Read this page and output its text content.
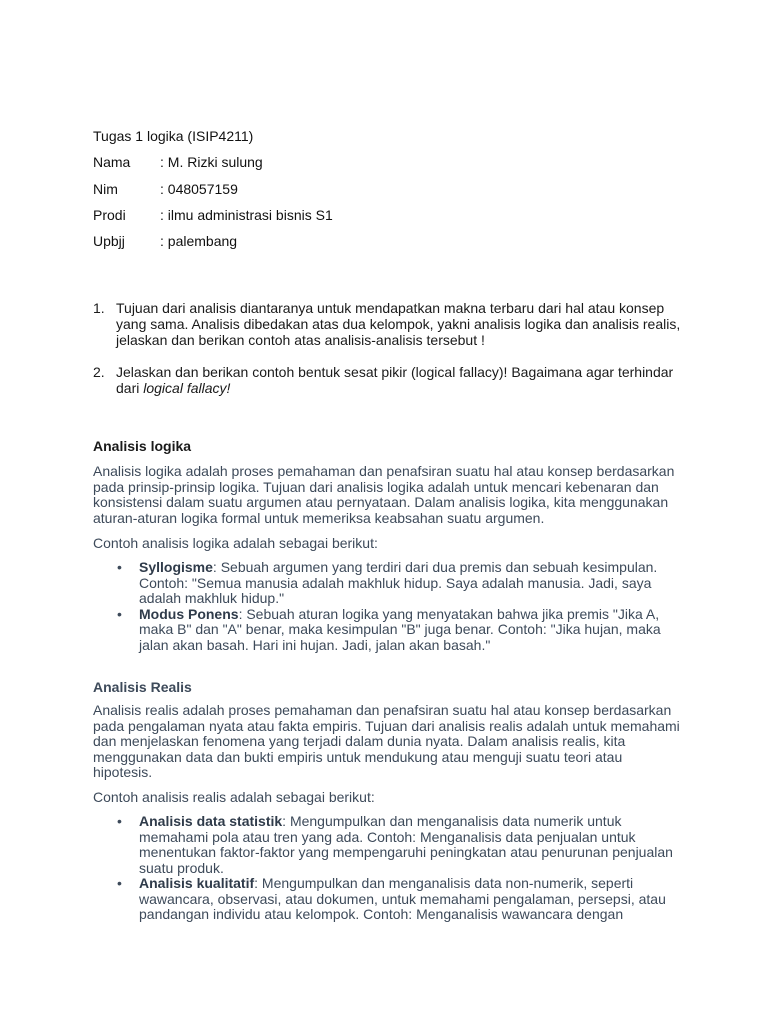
Tugas 1 logika (ISIP4211)
Nama : M. Rizki sulung
Nim	: 048057159
Prodi : ilmu administrasi bisnis S1
Upbjj	: palembang
1. Tujuan dari analisis diantaranya untuk mendapatkan makna terbaru dari hal atau konsep yang sama. Analisis dibedakan atas dua kelompok, yakni analisis logika dan analisis realis, jelaskan dan berikan contoh atas analisis-analisis tersebut !
2. Jelaskan dan berikan contoh bentuk sesat pikir (logical fallacy)! Bagaimana agar terhindar dari logical fallacy!
Analisis logika
Analisis logika adalah proses pemahaman dan penafsiran suatu hal atau konsep berdasarkan pada prinsip-prinsip logika. Tujuan dari analisis logika adalah untuk mencari kebenaran dan konsistensi dalam suatu argumen atau pernyataan. Dalam analisis logika, kita menggunakan aturan-aturan logika formal untuk memeriksa keabsahan suatu argumen.
Contoh analisis logika adalah sebagai berikut:
• Syllogisme: Sebuah argumen yang terdiri dari dua premis dan sebuah kesimpulan. Contoh: "Semua manusia adalah makhluk hidup. Saya adalah manusia. Jadi, saya adalah makhluk hidup."
• Modus Ponens: Sebuah aturan logika yang menyatakan bahwa jika premis "Jika A, maka B" dan "A" benar, maka kesimpulan "B" juga benar. Contoh: "Jika hujan, maka jalan akan basah. Hari ini hujan. Jadi, jalan akan basah."
Analisis Realis
Analisis realis adalah proses pemahaman dan penafsiran suatu hal atau konsep berdasarkan pada pengalaman nyata atau fakta empiris. Tujuan dari analisis realis adalah untuk memahami dan menjelaskan fenomena yang terjadi dalam dunia nyata. Dalam analisis realis, kita menggunakan data dan bukti empiris untuk mendukung atau menguji suatu teori atau hipotesis.
Contoh analisis realis adalah sebagai berikut:
• Analisis data statistik: Mengumpulkan dan menganalisis data numerik untuk memahami pola atau tren yang ada. Contoh: Menganalisis data penjualan untuk menentukan faktor-faktor yang mempengaruhi peningkatan atau penurunan penjualan suatu produk.
• Analisis kualitatif: Mengumpulkan dan menganalisis data non-numerik, seperti wawancara, observasi, atau dokumen, untuk memahami pengalaman, persepsi, atau pandangan individu atau kelompok. Contoh: Menganalisis wawancara dengan
